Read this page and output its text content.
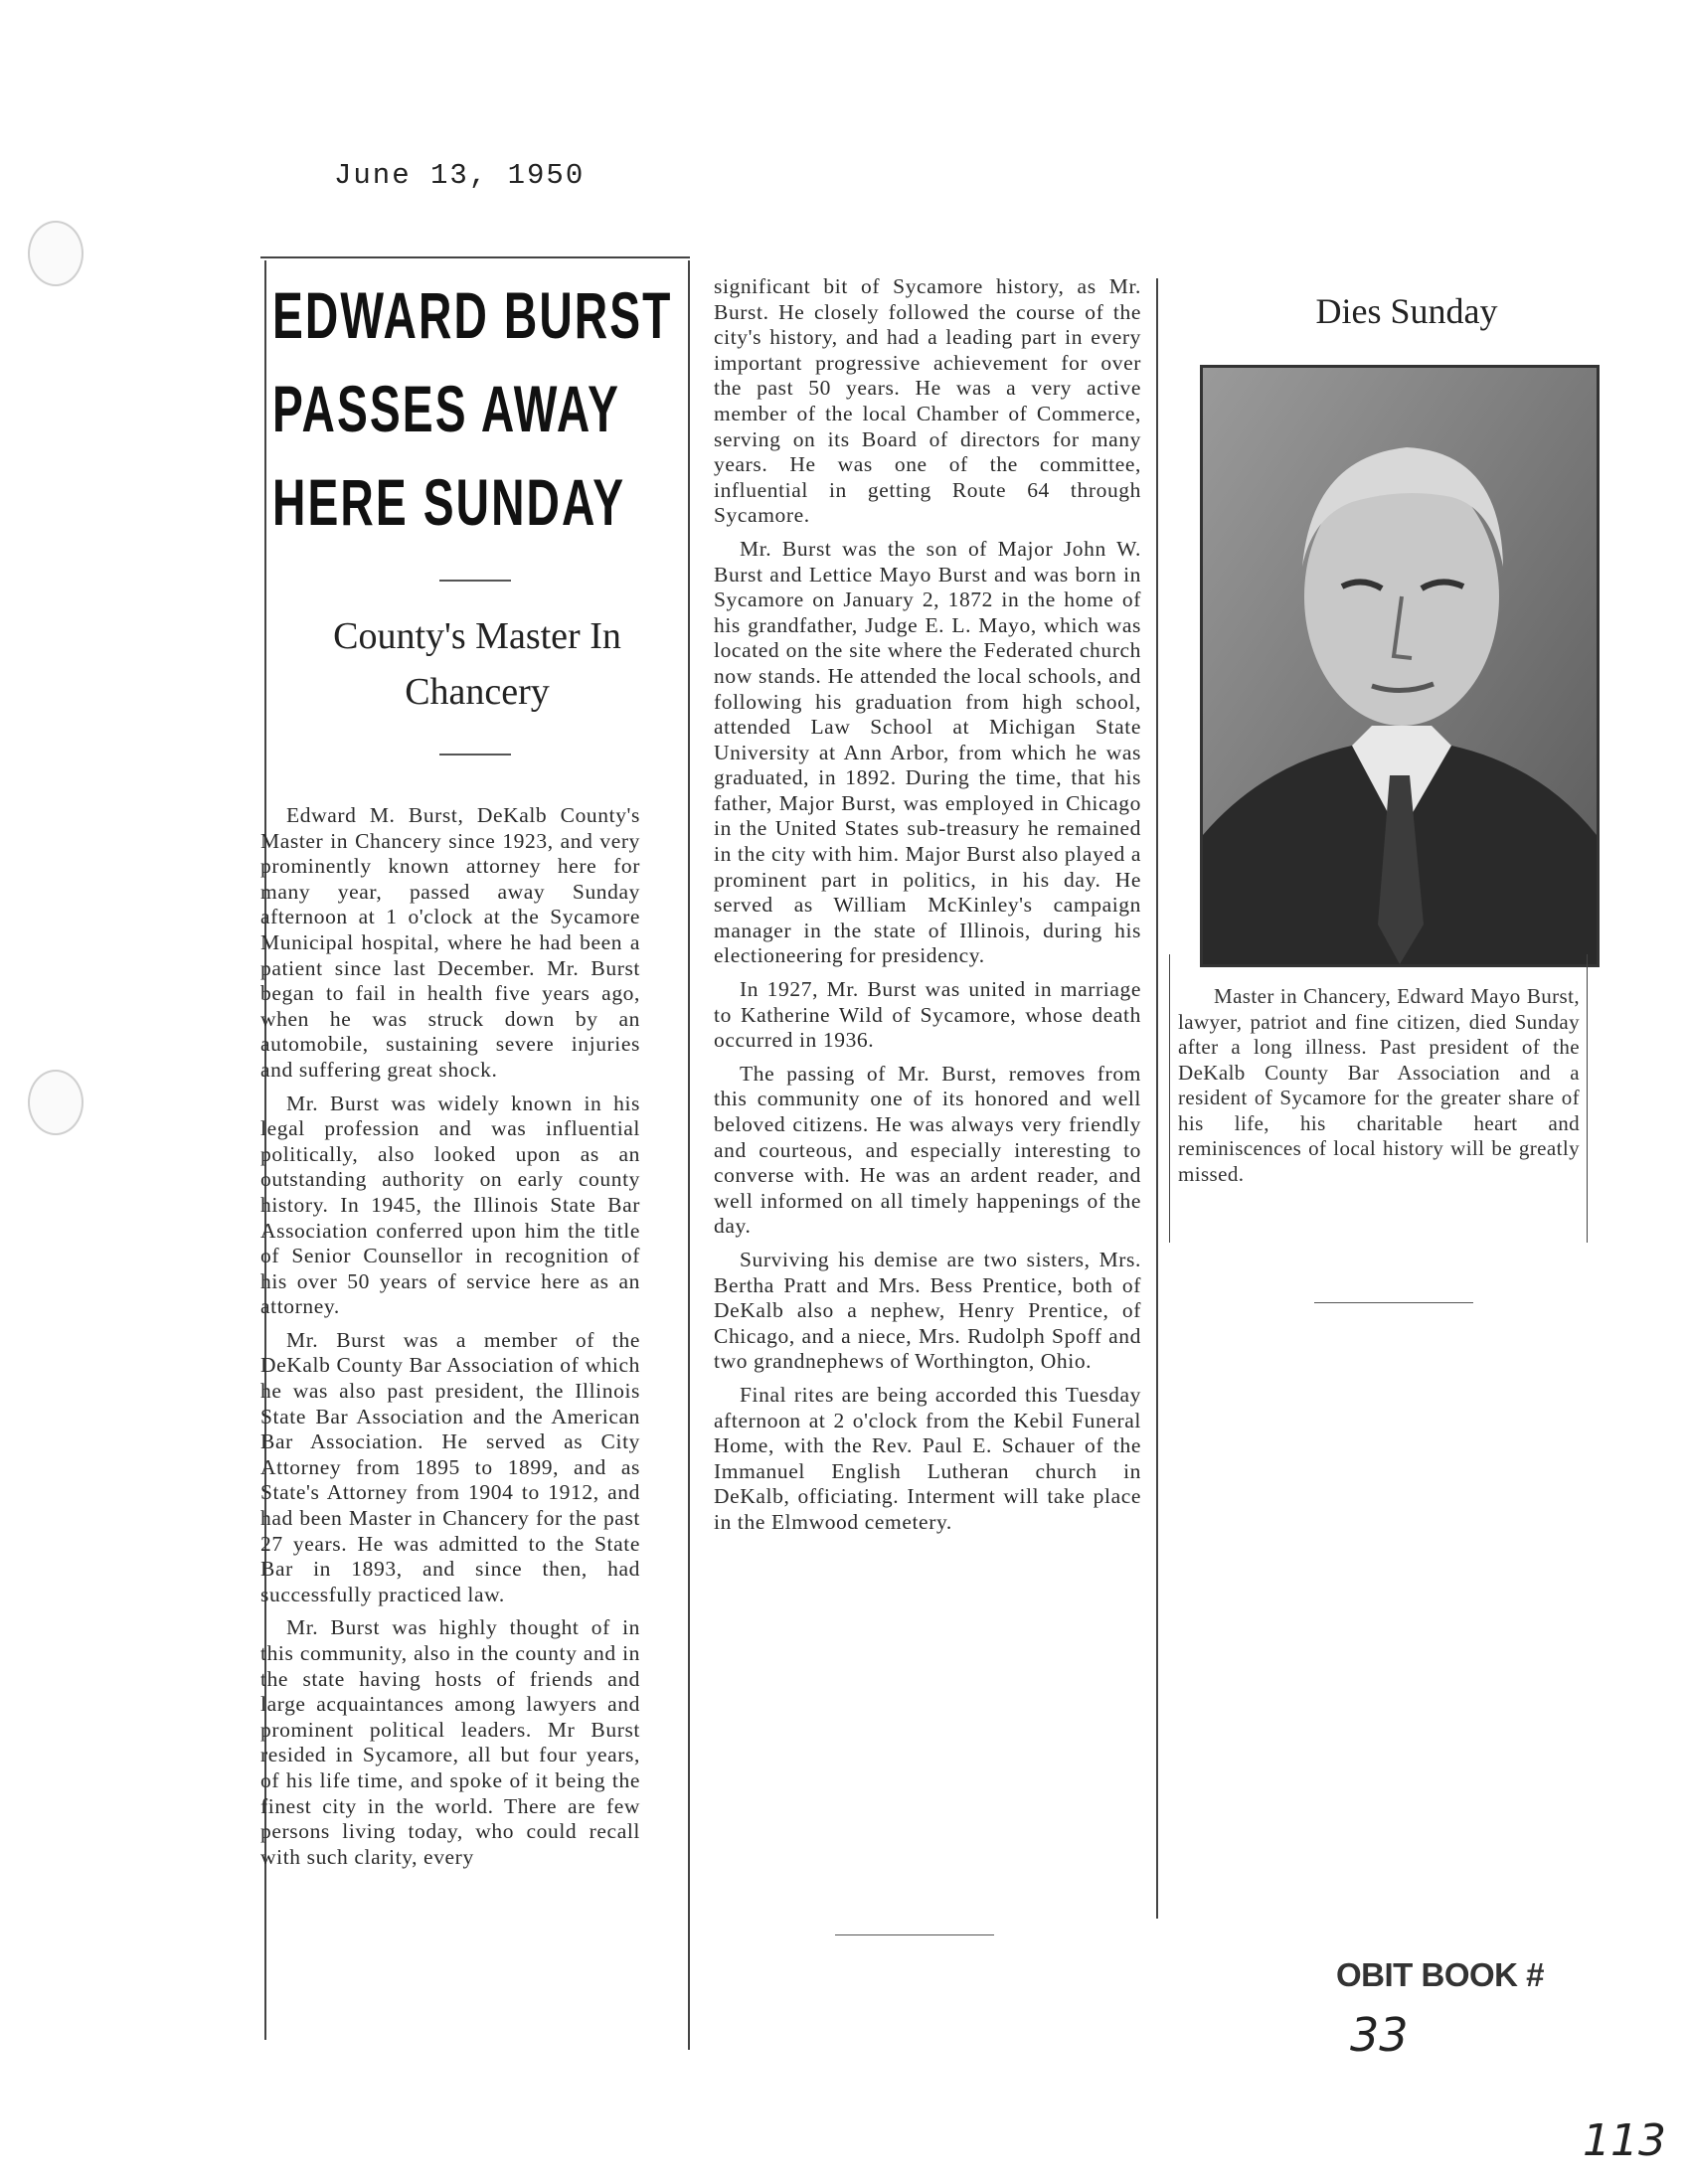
June 13, 1950
EDWARD BURST
PASSES AWAY
HERE SUNDAY
County's Master In
Chancery

Edward M. Burst, DeKalb County's Master in Chancery since 1923, and very prominently known attorney here for many year, passed away Sunday afternoon at 1 o'clock at the Sycamore Municipal hospital, where he had been a patient since last December. Mr. Burst began to fail in health five years ago, when he was struck down by an automobile, sustaining severe injuries and suffering great shock.

Mr. Burst was widely known in his legal profession and was influential politically, also looked upon as an outstanding authority on early county history. In 1945, the Illinois State Bar Association conferred upon him the title of Senior Counsellor in recognition of his over 50 years of service here as an attorney.

Mr. Burst was a member of the DeKalb County Bar Association of which he was also past president, the Illinois State Bar Association and the American Bar Association. He served as City Attorney from 1895 to 1899, and as State's Attorney from 1904 to 1912, and had been Master in Chancery for the past 27 years. He was admitted to the State Bar in 1893, and since then, had successfully practiced law.

Mr. Burst was highly thought of in this community, also in the county and in the state having hosts of friends and large acquaintances among lawyers and prominent political leaders. Mr Burst resided in Sycamore, all but four years, of his life time, and spoke of it being the finest city in the world. There are few persons living today, who could recall with such clarity, every

significant bit of Sycamore history, as Mr. Burst. He closely followed the course of the city's history, and had a leading part in every important progressive achievement for over the past 50 years. He was a very active member of the local Chamber of Commerce, serving on its Board of directors for many years. He was one of the committee, influential in getting Route 64 through Sycamore.

Mr. Burst was the son of Major John W. Burst and Lettice Mayo Burst and was born in Sycamore on January 2, 1872 in the home of his grandfather, Judge E. L. Mayo, which was located on the site where the Federated church now stands. He attended the local schools, and following his graduation from high school, attended Law School at Michigan State University at Ann Arbor, from which he was graduated, in 1892. During the time, that his father, Major Burst, was employed in Chicago in the United States sub-treasury he remained in the city with him. Major Burst also played a prominent part in politics, in his day. He served as William McKinley's campaign manager in the state of Illinois, during his electioneering for presidency.

In 1927, Mr. Burst was united in marriage to Katherine Wild of Sycamore, whose death occurred in 1936.

The passing of Mr. Burst, removes from this community one of its honored and well beloved citizens. He was always very friendly and courteous, and especially interesting to converse with. He was an ardent reader, and well informed on all timely happenings of the day.

Surviving his demise are two sisters, Mrs. Bertha Pratt and Mrs. Bess Prentice, both of DeKalb also a nephew, Henry Prentice, of Chicago, and a niece, Mrs. Rudolph Spoff and two grandnephews of Worthington, Ohio.

Final rites are being accorded this Tuesday afternoon at 2 o'clock from the Kebil Funeral Home, with the Rev. Paul E. Schauer of the Immanuel English Lutheran church in DeKalb, officiating. Interment will take place in the Elmwood cemetery.

Dies Sunday

Master in Chancery, Edward Mayo Burst, lawyer, patriot and fine citizen, died Sunday after a long illness. Past president of the DeKalb County Bar Association and a resident of Sycamore for the greater share of his life, his charitable heart and reminiscences of local history will be greatly missed.

OBIT BOOK #
33
113
